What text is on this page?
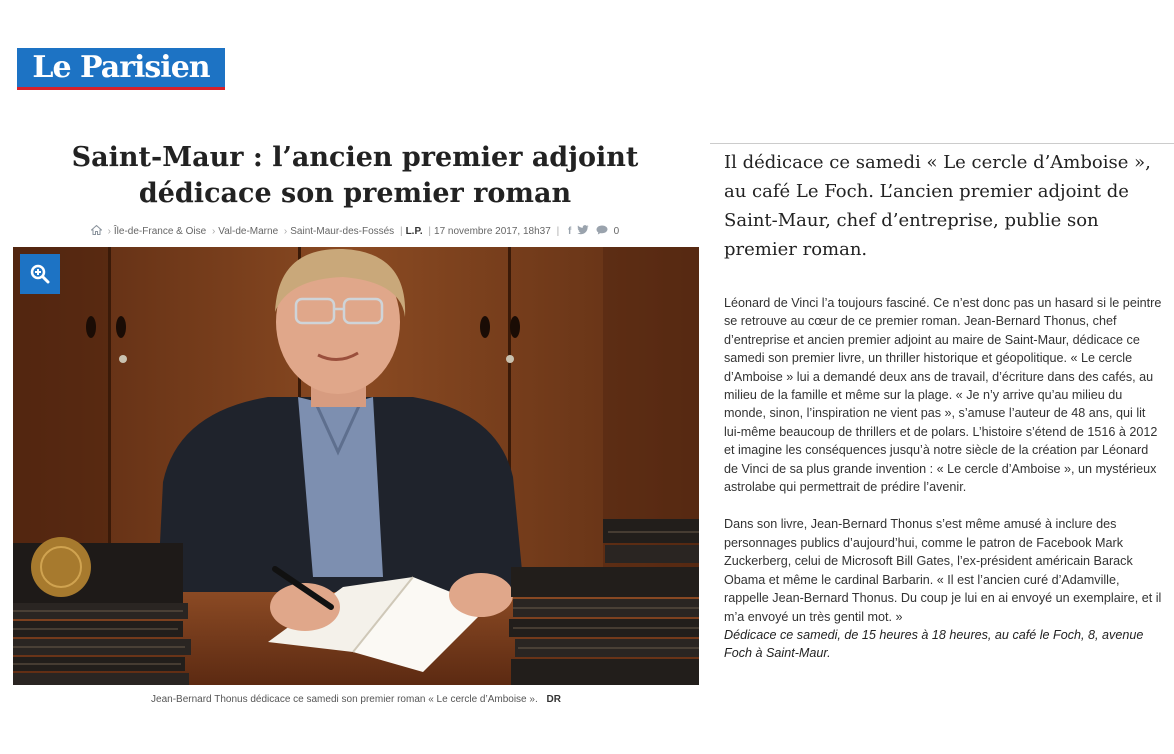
Le Parisien
Saint-Maur : l’ancien premier adjoint dédicace son premier roman
› Île-de-France & Oise › Val-de-Marne › Saint-Maur-des-Fossés | L.P. | 17 novembre 2017, 18h37 | f	0
Jean-Bernard Thonus dédicace ce samedi son premier roman « Le cercle d’Amboise ». DR

Il dédicace ce samedi « Le cercle d’Amboise », au café Le Foch. L’ancien premier adjoint de Saint-Maur, chef d’entreprise, publie son premier roman.

Léonard de Vinci l’a toujours fasciné. Ce n’est donc pas un hasard si le peintre se retrouve au cœur de ce premier roman. Jean-Bernard Thonus, chef d’entreprise et ancien premier adjoint au maire de Saint-Maur, dédicace ce samedi son premier livre, un thriller historique et géopolitique. « Le cercle d’Amboise » lui a demandé deux ans de travail, d’écriture dans des cafés, au milieu de la famille et même sur la plage. « Je n’y arrive qu’au milieu du monde, sinon, l’inspiration ne vient pas », s’amuse l’auteur de 48 ans, qui lit lui-même beaucoup de thrillers et de polars. L’histoire s’étend de 1516 à 2012 et imagine les conséquences jusqu’à notre siècle de la création par Léonard de Vinci de sa plus grande invention : « Le cercle d’Amboise », un mystérieux astrolabe qui permettrait de prédire l’avenir.

Dans son livre, Jean-Bernard Thonus s’est même amusé à inclure des personnages publics d’aujourd’hui, comme le patron de Facebook Mark Zuckerberg, celui de Microsoft Bill Gates, l’ex-président américain Barack Obama et même le cardinal Barbarin. « Il est l’ancien curé d’Adamville, rappelle Jean-Bernard Thonus. Du coup je lui en ai envoyé un exemplaire, et il m’a envoyé un très gentil mot. »

Dédicace ce samedi, de 15 heures à 18 heures, au café le Foch, 8, avenue Foch à Saint-Maur.
